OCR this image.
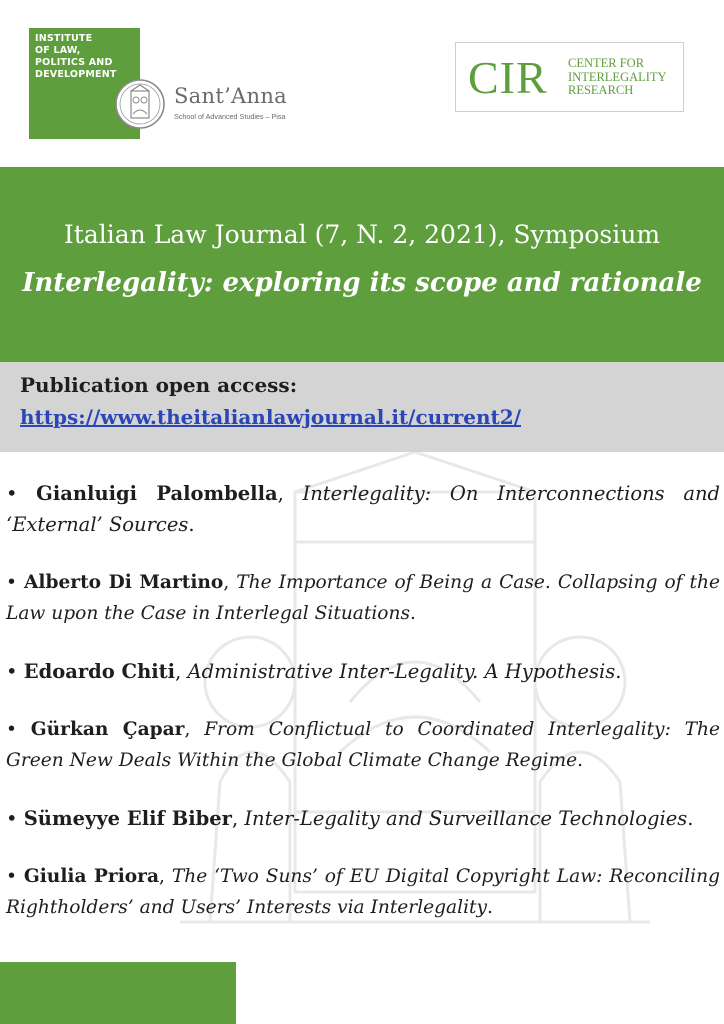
INSTITUTE
OF LAW,
POLITICS AND
DEVELOPMENT
Sant’Anna
School of Advanced Studies – Pisa
CIR CENTER FOR
INTERLEGALITY
RESEARCH
Italian Law Journal (7, N. 2, 2021), Symposium
Interlegality: exploring its scope and rationale
Publication open access:
https://www.theitalianlawjournal.it/current2/
• Gianluigi Palombella, Interlegality: On Interconnections and ‘External’ Sources.
• Alberto Di Martino, The Importance of Being a Case. Collapsing of the Law upon the Case in Interlegal Situations.
• Edoardo Chiti, Administrative Inter-Legality. A Hypothesis.
• Gürkan Çapar, From Conflictual to Coordinated Interlegality: The Green New Deals Within the Global Climate Change Regime.
• Sümeyye Elif Biber, Inter-Legality and Surveillance Technologies.
• Giulia Priora, The ‘Two Suns’ of EU Digital Copyright Law: Reconciling Rightholders’ and Users’ Interests via Interlegality.
